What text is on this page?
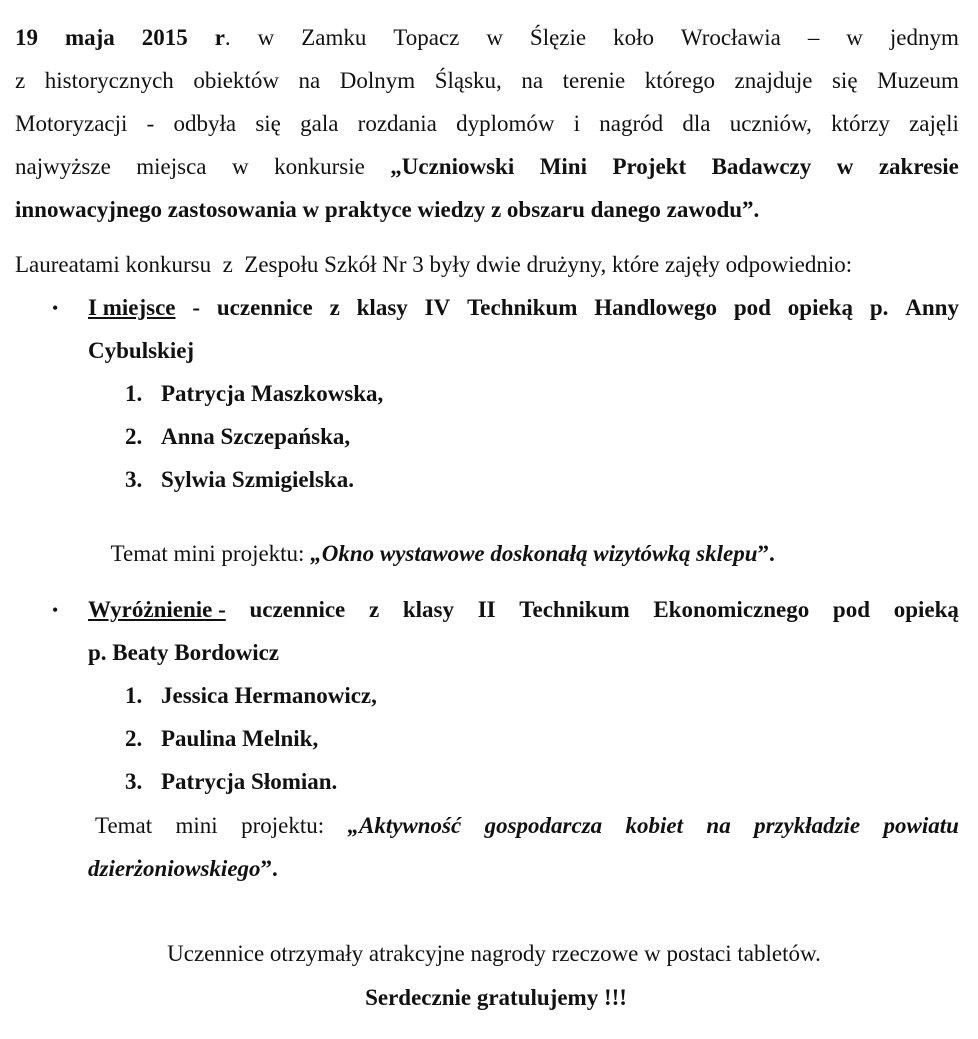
19 maja 2015 r. w Zamku Topacz w Ślęzie koło Wrocławia – w jednym
z historycznych obiektów na Dolnym Śląsku, na terenie którego znajduje się Muzeum
Motoryzacji - odbyła się gala rozdania dyplomów i nagród dla uczniów, którzy zajęli
najwyższe miejsca w konkursie „Uczniowski Mini Projekt Badawczy w zakresie
innowacyjnego zastosowania w praktyce wiedzy z obszaru danego zawodu”.
Laureatami konkursu  z  Zespołu Szkół Nr 3 były dwie drużyny, które zajęły odpowiednio:
• I miejsce - uczennice z klasy IV Technikum Handlowego pod opieką p. Anny
Cybulskiej
1. Patrycja Maszkowska,
2. Anna Szczepańska,
3. Sylwia Szmigielska.

Temat mini projektu: „Okno wystawowe doskonałą wizytówką sklepu”.

• Wyróżnienie - uczennice z klasy II Technikum Ekonomicznego pod opieką
p. Beaty Bordowicz
1. Jessica Hermanowicz,
2. Paulina Melnik,
3. Patrycja Słomian.
Temat mini projektu: „Aktywność gospodarcza kobiet na przykładzie powiatu
dzierżoniowskiego”.
Uczennice otrzymały atrakcyjne nagrody rzeczowe w postaci tabletów.
Serdecznie gratulujemy !!!
